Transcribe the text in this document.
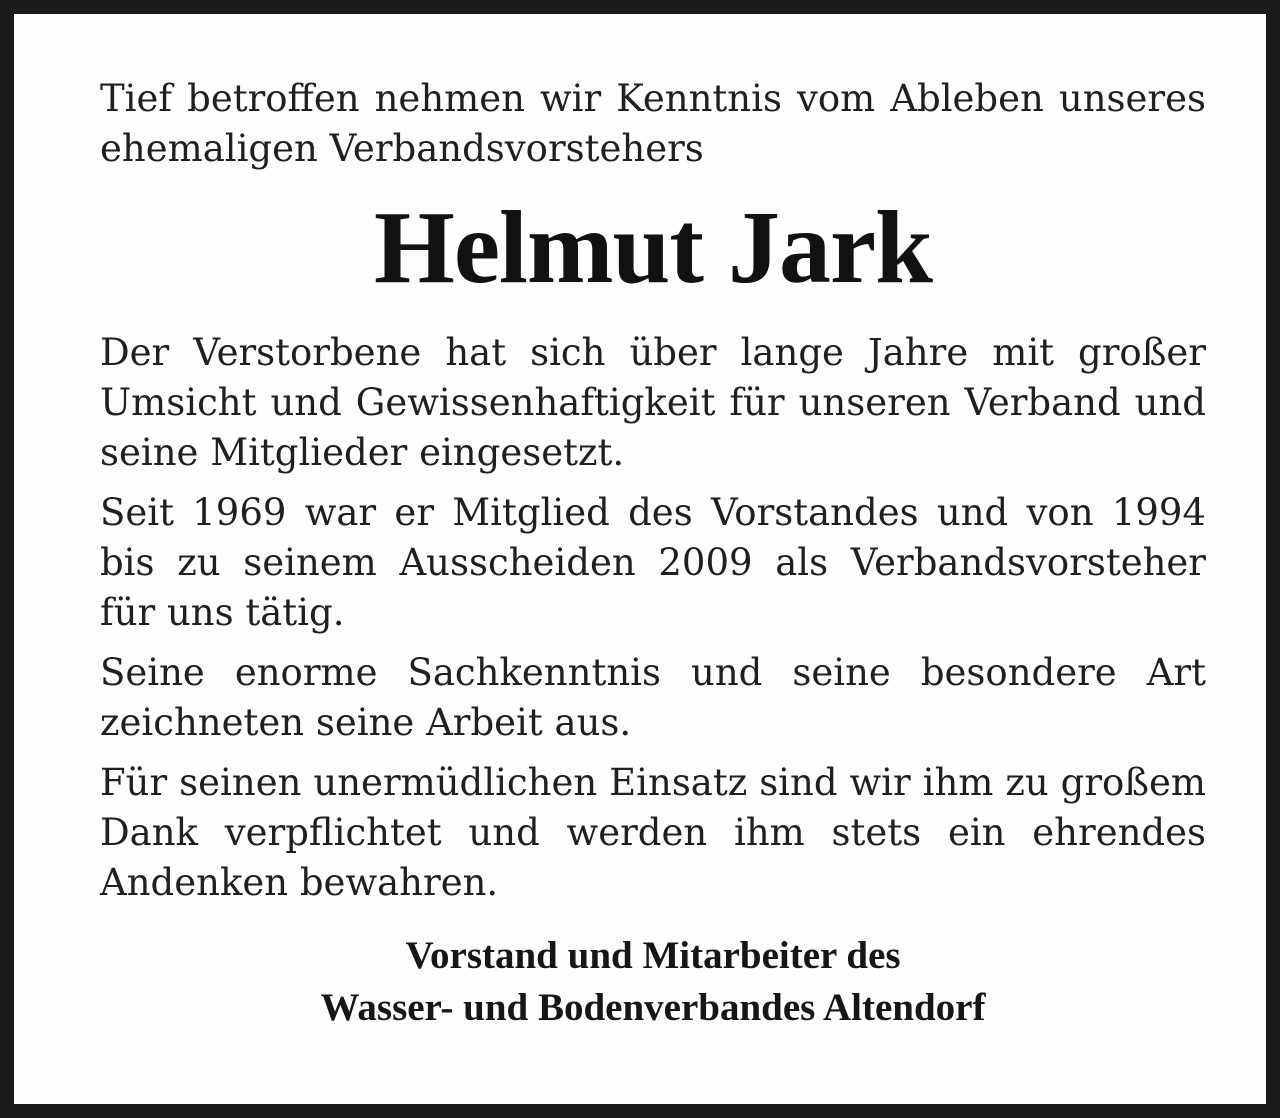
Tief betroffen nehmen wir Kenntnis vom Ableben unseres ehemaligen Verbandsvorstehers

Helmut Jark

Der Verstorbene hat sich über lange Jahre mit großer Umsicht und Gewissenhaftigkeit für unseren Verband und seine Mitglieder eingesetzt.

Seit 1969 war er Mitglied des Vorstandes und von 1994 bis zu seinem Ausscheiden 2009 als Verbandsvorsteher für uns tätig.

Seine enorme Sachkenntnis und seine besondere Art zeichneten seine Arbeit aus.

Für seinen unermüdlichen Einsatz sind wir ihm zu großem Dank verpflichtet und werden ihm stets ein ehrendes Andenken bewahren.

Vorstand und Mitarbeiter des
Wasser- und Bodenverbandes Altendorf
